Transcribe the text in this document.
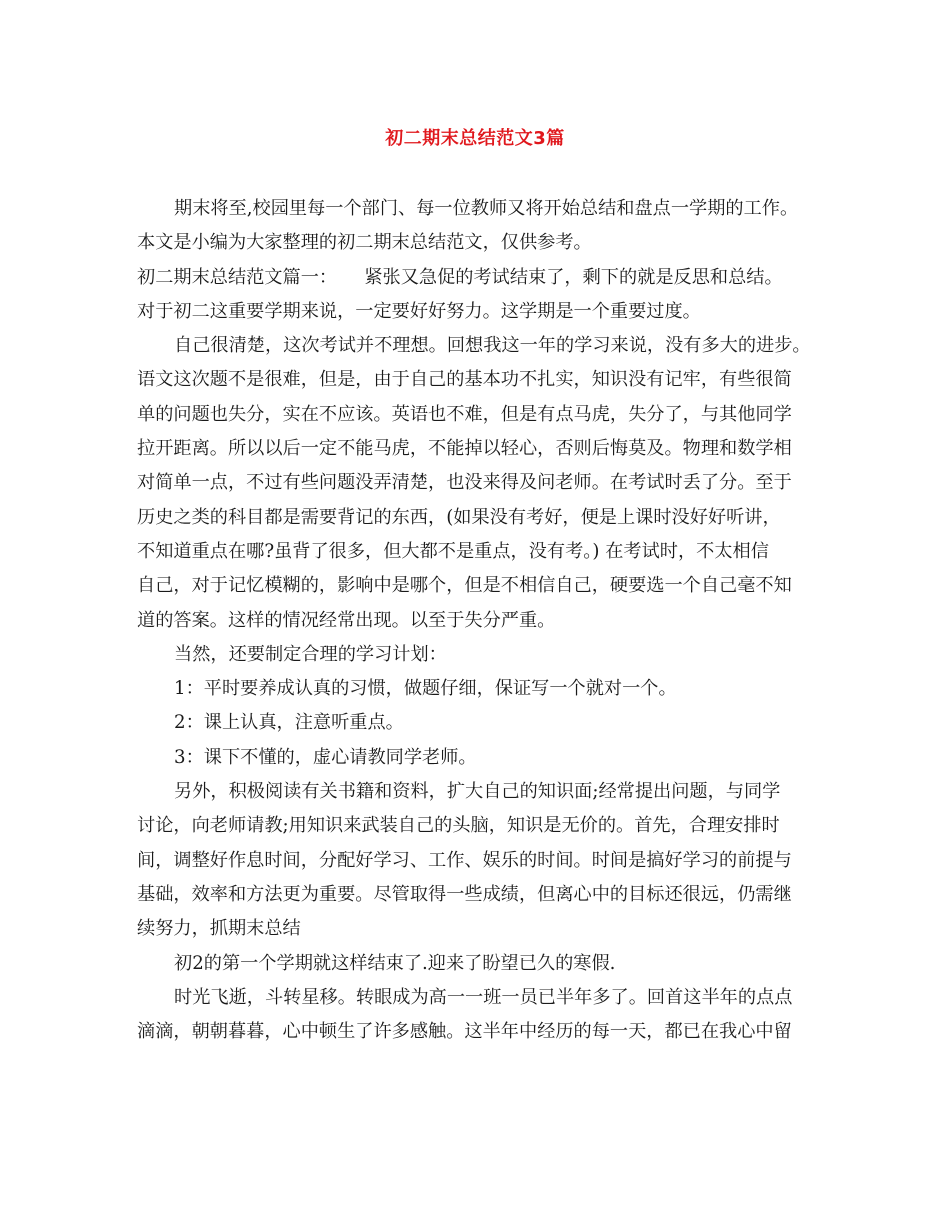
初二期末总结范文3篇
期末将至,校园里每一个部门、每一位教师又将开始总结和盘点一学期的工作。
本文是小编为大家整理的初二期末总结范文，仅供参考。
初二期末总结范文篇一：　　紧张又急促的考试结束了，剩下的就是反思和总结。
对于初二这重要学期来说，一定要好好努力。这学期是一个重要过度。
自己很清楚，这次考试并不理想。回想我这一年的学习来说，没有多大的进步。
语文这次题不是很难，但是，由于自己的基本功不扎实，知识没有记牢，有些很简
单的问题也失分，实在不应该。英语也不难，但是有点马虎，失分了，与其他同学
拉开距离。所以以后一定不能马虎，不能掉以轻心，否则后悔莫及。物理和数学相
对简单一点，不过有些问题没弄清楚，也没来得及问老师。在考试时丢了分。至于
历史之类的科目都是需要背记的东西，(如果没有考好，便是上课时没好好听讲，
不知道重点在哪?虽背了很多，但大都不是重点，没有考。) 在考试时，不太相信
自己，对于记忆模糊的，影响中是哪个，但是不相信自己，硬要选一个自己毫不知
道的答案。这样的情况经常出现。以至于失分严重。
当然，还要制定合理的学习计划：
1：平时要养成认真的习惯，做题仔细，保证写一个就对一个。
2：课上认真，注意听重点。
3：课下不懂的，虚心请教同学老师。
另外，积极阅读有关书籍和资料，扩大自己的知识面;经常提出问题，与同学
讨论，向老师请教;用知识来武装自己的头脑，知识是无价的。首先，合理安排时
间，调整好作息时间，分配好学习、工作、娱乐的时间。时间是搞好学习的前提与
基础，效率和方法更为重要。尽管取得一些成绩，但离心中的目标还很远，仍需继
续努力，抓期末总结
初2的第一个学期就这样结束了.迎来了盼望已久的寒假.
时光飞逝，斗转星移。转眼成为高一一班一员已半年多了。回首这半年的点点
滴滴，朝朝暮暮，心中顿生了许多感触。这半年中经历的每一天，都已在我心中留
